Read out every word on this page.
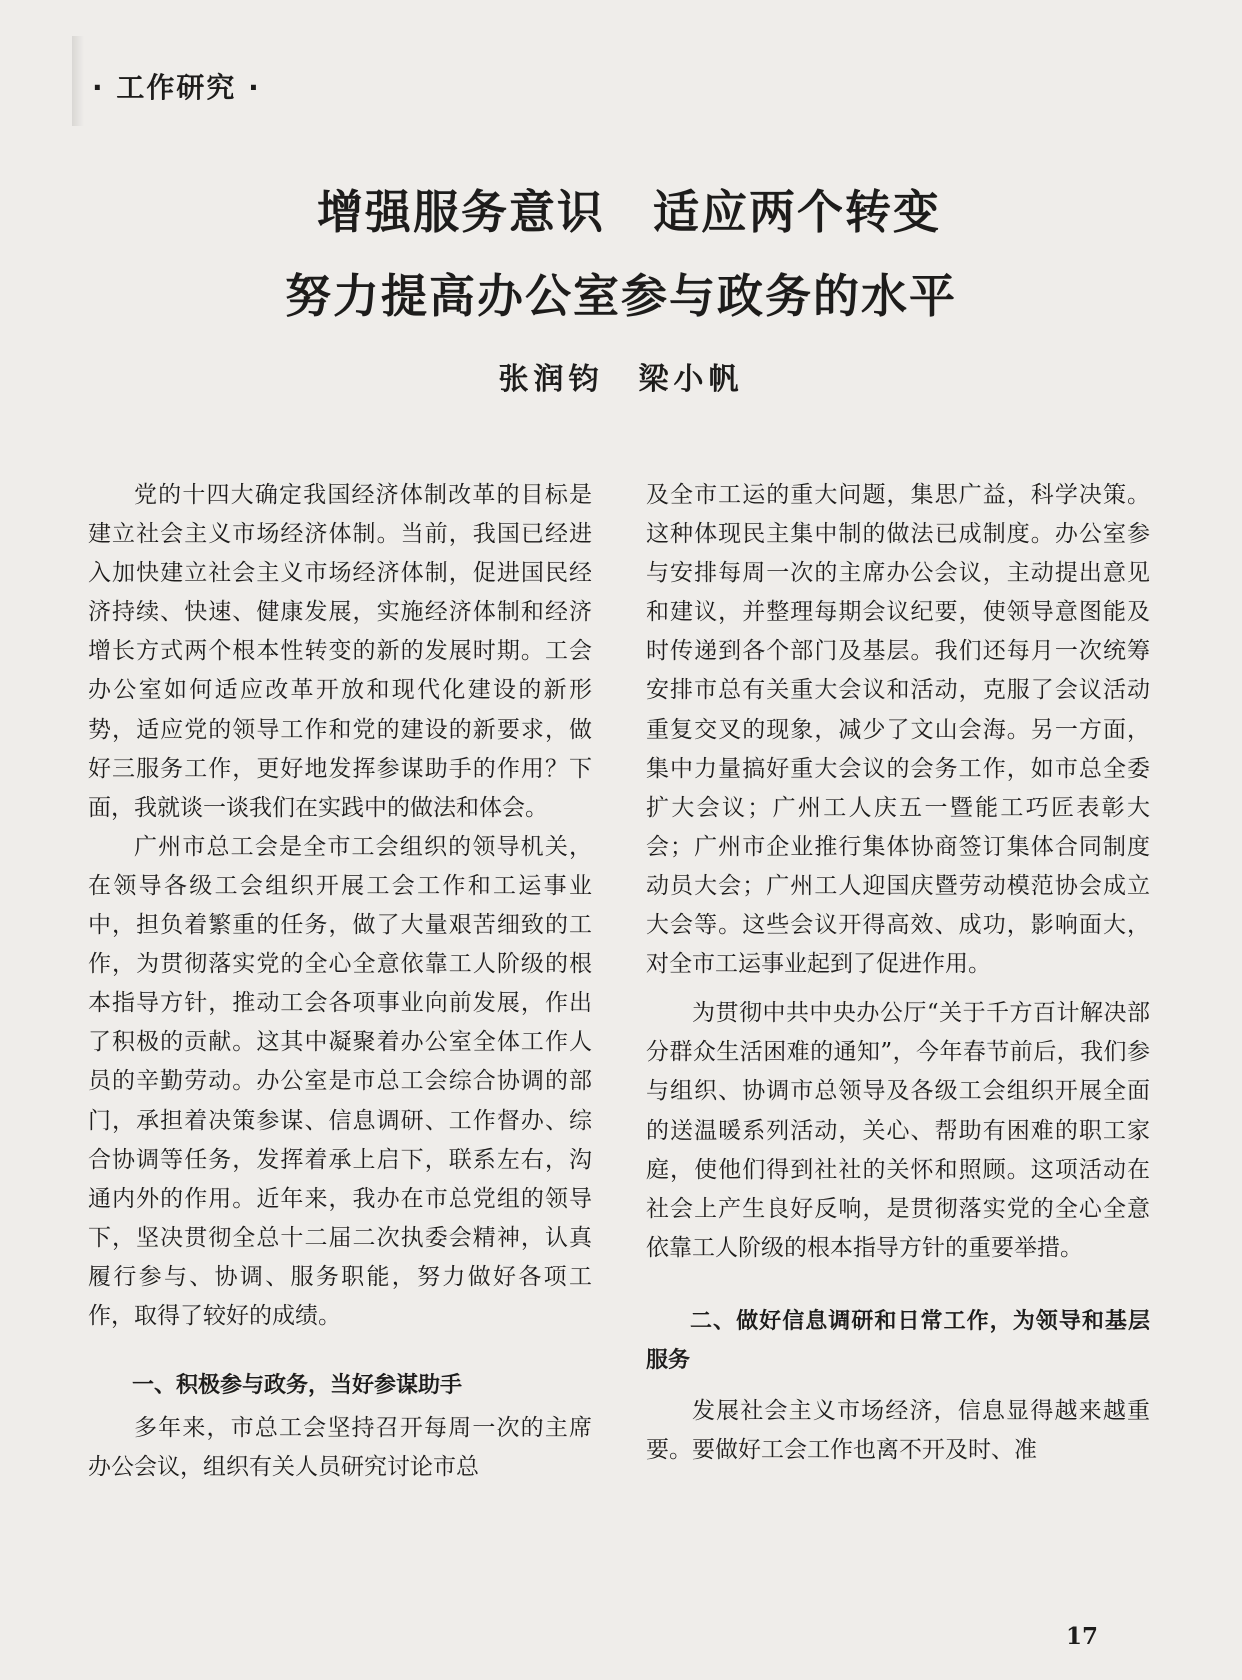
· 工作研究 ·
增强服务意识　适应两个转变
努力提高办公室参与政务的水平
张润钧　梁小帆

党的十四大确定我国经济体制改革的目标是建立社会主义市场经济体制。当前，我国已经进入加快建立社会主义市场经济体制，促进国民经济持续、快速、健康发展，实施经济体制和经济增长方式两个根本性转变的新的发展时期。工会办公室如何适应改革开放和现代化建设的新形势，适应党的领导工作和党的建设的新要求，做好三服务工作，更好地发挥参谋助手的作用？下面，我就谈一谈我们在实践中的做法和体会。

广州市总工会是全市工会组织的领导机关，在领导各级工会组织开展工会工作和工运事业中，担负着繁重的任务，做了大量艰苦细致的工作，为贯彻落实党的全心全意依靠工人阶级的根本指导方针，推动工会各项事业向前发展，作出了积极的贡献。这其中凝聚着办公室全体工作人员的辛勤劳动。办公室是市总工会综合协调的部门，承担着决策参谋、信息调研、工作督办、综合协调等任务，发挥着承上启下，联系左右，沟通内外的作用。近年来，我办在市总党组的领导下，坚决贯彻全总十二届二次执委会精神，认真履行参与、协调、服务职能，努力做好各项工作，取得了较好的成绩。

一、积极参与政务，当好参谋助手

多年来，市总工会坚持召开每周一次的主席办公会议，组织有关人员研究讨论市总

及全市工运的重大问题，集思广益，科学决策。这种体现民主集中制的做法已成制度。办公室参与安排每周一次的主席办公会议，主动提出意见和建议，并整理每期会议纪要，使领导意图能及时传递到各个部门及基层。我们还每月一次统筹安排市总有关重大会议和活动，克服了会议活动重复交叉的现象，减少了文山会海。另一方面，集中力量搞好重大会议的会务工作，如市总全委扩大会议；广州工人庆五一暨能工巧匠表彰大会；广州市企业推行集体协商签订集体合同制度动员大会；广州工人迎国庆暨劳动模范协会成立大会等。这些会议开得高效、成功，影响面大，对全市工运事业起到了促进作用。

为贯彻中共中央办公厅“关于千方百计解决部分群众生活困难的通知”，今年春节前后，我们参与组织、协调市总领导及各级工会组织开展全面的送温暖系列活动，关心、帮助有困难的职工家庭，使他们得到社社的关怀和照顾。这项活动在社会上产生良好反响，是贯彻落实党的全心全意依靠工人阶级的根本指导方针的重要举措。

二、做好信息调研和日常工作，为领导和基层服务

发展社会主义市场经济，信息显得越来越重要。要做好工会工作也离不开及时、准

17
